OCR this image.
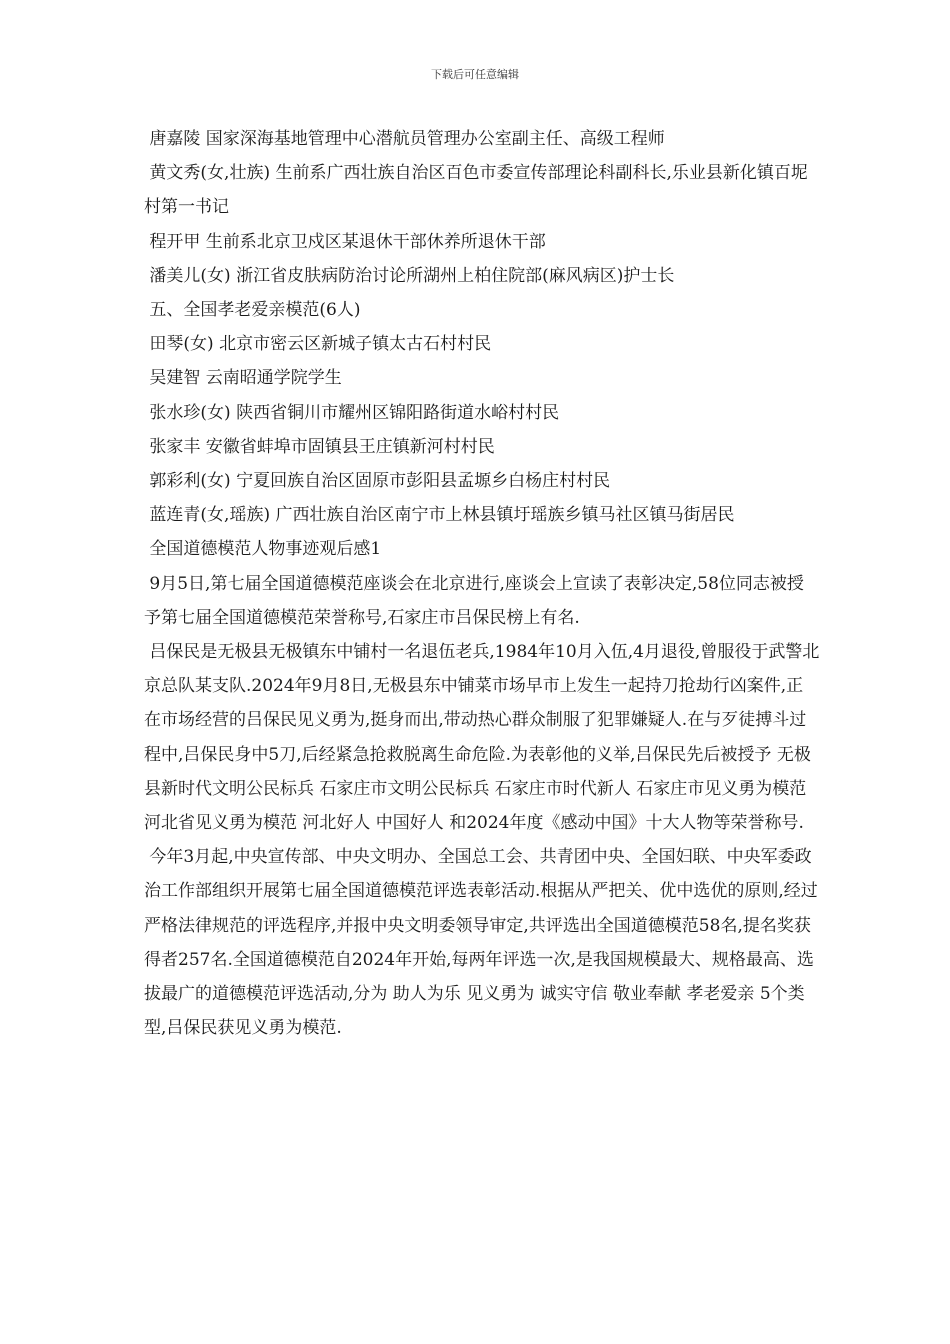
下载后可任意编辑

唐嘉陵 国家深海基地管理中心潜航员管理办公室副主任、高级工程师

黄文秀(女,壮族) 生前系广西壮族自治区百色市委宣传部理论科副科长,乐业县新化镇百坭村第一书记

程开甲 生前系北京卫戍区某退休干部休养所退休干部

潘美儿(女) 浙江省皮肤病防治讨论所湖州上柏住院部(麻风病区)护士长

五、全国孝老爱亲模范(6人)

田琴(女) 北京市密云区新城子镇太古石村村民

吴建智 云南昭通学院学生

张水珍(女) 陕西省铜川市耀州区锦阳路街道水峪村村民

张家丰 安徽省蚌埠市固镇县王庄镇新河村村民

郭彩利(女) 宁夏回族自治区固原市彭阳县孟塬乡白杨庄村村民

蓝连青(女,瑶族) 广西壮族自治区南宁市上林县镇圩瑶族乡镇马社区镇马街居民

全国道德模范人物事迹观后感1

9月5日,第七届全国道德模范座谈会在北京进行,座谈会上宣读了表彰决定,58位同志被授予第七届全国道德模范荣誉称号,石家庄市吕保民榜上有名.

吕保民是无极县无极镇东中铺村一名退伍老兵,1984年10月入伍,4月退役,曾服役于武警北京总队某支队.2024年9月8日,无极县东中铺菜市场早市上发生一起持刀抢劫行凶案件,正在市场经营的吕保民见义勇为,挺身而出,带动热心群众制服了犯罪嫌疑人.在与歹徒搏斗过程中,吕保民身中5刀,后经紧急抢救脱离生命危险.为表彰他的义举,吕保民先后被授予 无极县新时代文明公民标兵 石家庄市文明公民标兵 石家庄市时代新人 石家庄市见义勇为模范 河北省见义勇为模范 河北好人 中国好人 和2024年度《感动中国》十大人物等荣誉称号.

今年3月起,中央宣传部、中央文明办、全国总工会、共青团中央、全国妇联、中央军委政治工作部组织开展第七届全国道德模范评选表彰活动.根据从严把关、优中选优的原则,经过严格法律规范的评选程序,并报中央文明委领导审定,共评选出全国道德模范58名,提名奖获得者257名.全国道德模范自2024年开始,每两年评选一次,是我国规模最大、规格最高、选拔最广的道德模范评选活动,分为 助人为乐 见义勇为 诚实守信 敬业奉献 孝老爱亲 5个类型,吕保民获见义勇为模范.
